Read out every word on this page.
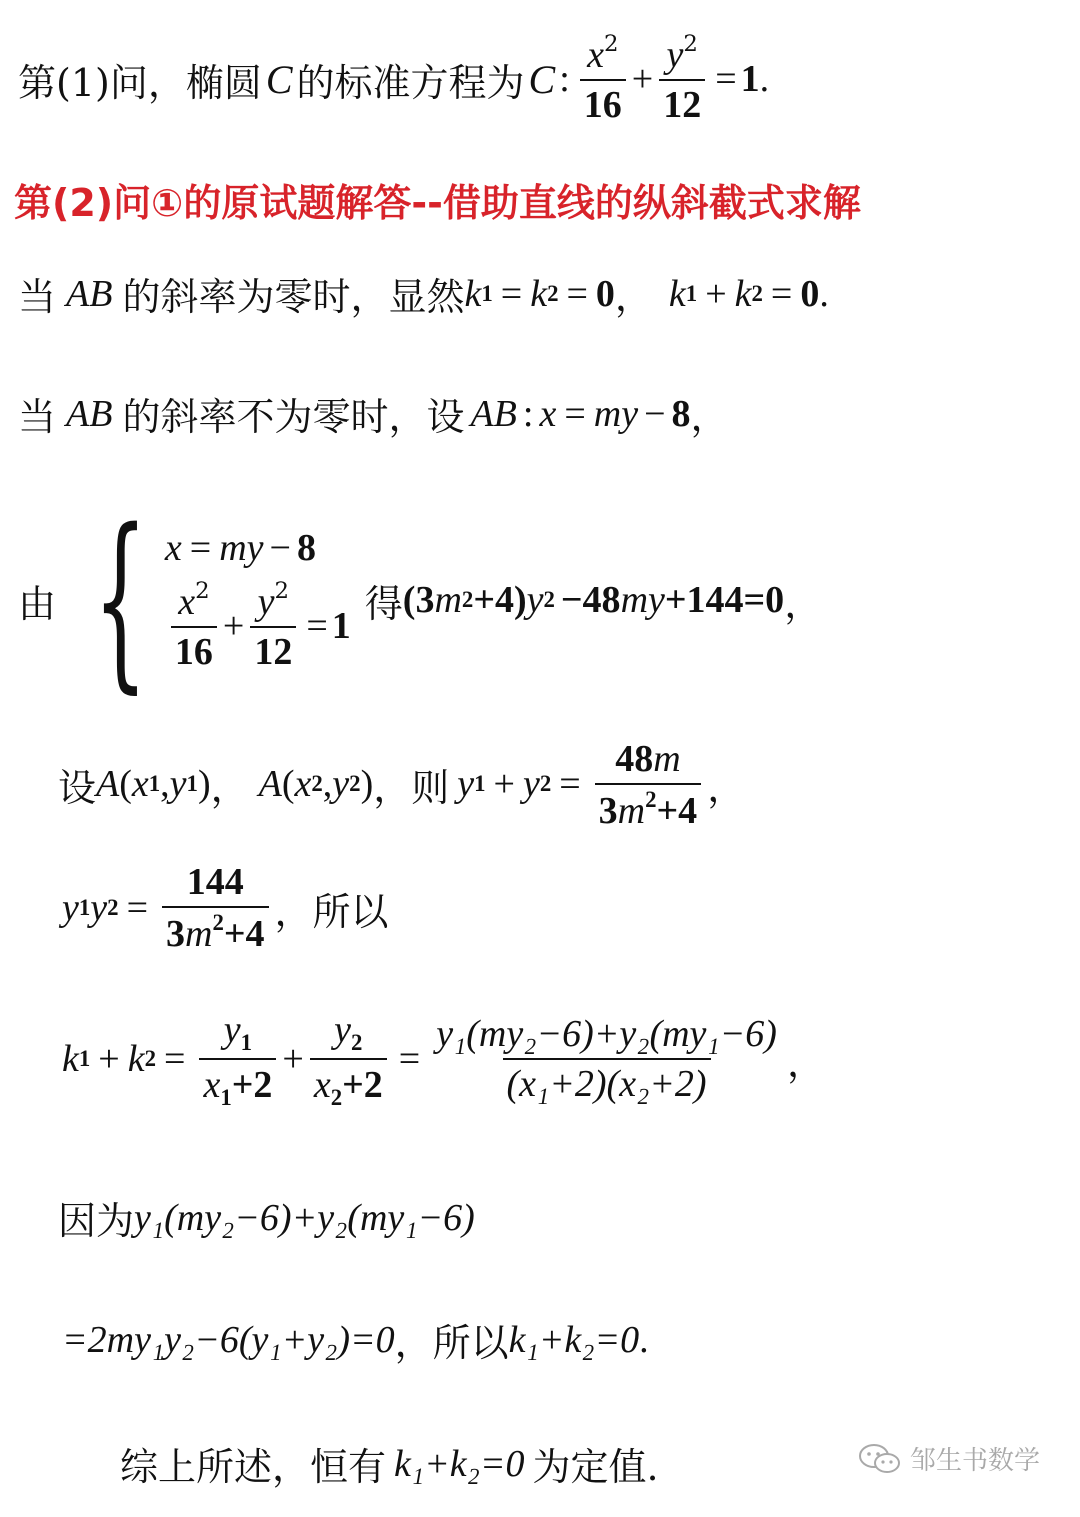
第(1)问，椭圆 C 的标准方程为 C : $\frac{x^2}{16} + \frac{y^2}{12} = 1$ .
第(2)问①的原试题解答--借助直线的纵斜截式求解
当 AB 的斜率为零时，显然 k 1 = k 2 = 0 ， k 1 + k 2 = 0 .
当 AB 的斜率不为零时，设 AB : x = my − 8 ，
由 { x = my − 8
$\frac{x^2}{16} + \frac{y^2}{12} = 1$
得 (3 m 2 +4) y 2 −48 my +144=0 ，
设 A ( x 1 , y 1 ) ， A ( x 2 , y 2 ) ，则 y 1 + y $2 = \frac{48m}{3m^2+4}$ ，
y 1 y $2 = \frac{144}{3m^2+4}$ ，所以
k 1 + k $2 = \frac{y_1}{x_1+2} + \frac{y_2}{x_2+2} = \frac{\text{y₁(my₂−6)+y₂(my₁−6)}}{\text{(x₁+2)(x₂+2)}}$ ，
因为 y₁(my₂−6)+y₂(my₁−6)
=2my₁y₂−6(y₁+y₂)=0 ，所以 k₁+k₂=0 .
综上所述，恒有 k₁+k₂=0 为定值.	邹生书数学
